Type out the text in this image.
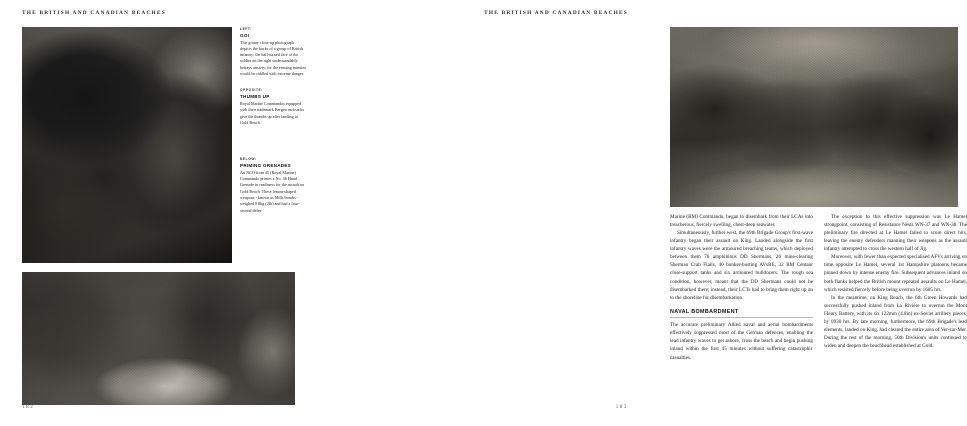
THE BRITISH AND CANADIAN BEACHES
LEFT:
GO!
This grainy close-up photograph depicts the backs of a group of British infantry; the half-turned face of the soldier on the right understandably betrays anxiety, for the ensuing minutes would be riddled with extreme danger.
OPPOSITE:
THUMBS UP
Royal Marine Commandos equipped with their trademark Bergen rucksacks give the thumbs up after landing at Gold Beach.
BELOW:
PRIMING GRENADES
An NCO from 45 (Royal Marine) Commando primes a No. 36 Hand Grenade in readiness for the assault on Gold Beach. These lemon-shaped weapons - known as Mills bombs - weighed 0.8kg (2lb) and had a four-second delay.
182
THE BRITISH AND CANADIAN BEACHES

Marine (RM) Commando, began to disembark from their LCAs into treacherous, fiercely swelling, chest-deep seawater.

Simultaneously, further west, the 69th Brigade Group's first-wave infantry began their assault on King. Landed alongside the first infantry waves were the armoured breaching teams, which deployed between them 76 amphibious DD Shermans, 26 mine-clearing Sherman Crab Flails, 40 bunker-busting AVsRE, 32 RM Centaur close-support tanks and six armoured bulldozers. The rough sea condition, however, meant that the DD Shermans could not be disembarked there; instead, their LCTs had to bring them right up on to the shoreline for disembarkation.

NAVAL BOMBARDMENT

The accurate preliminary Allied naval and aerial bombardments effectively suppressed most of the German defences, enabling the lead infantry waves to get ashore, cross the beach and begin pushing inland within the first 45 minutes without suffering catastrophic casualties.

The exception to this effective suppression was Le Hamel strongpoint, consisting of Resistance Nests WN-37 and WN-38. The preliminary fire directed at Le Hamel failed to score direct hits, leaving the enemy defenders manning their weapons as the assault infantry attempted to cross the western half of Jig.

Moreover, with fewer than expected specialised AFVs arriving on time opposite Le Hamel, several 1st Hampshire platoons became pinned down by intense enemy fire. Subsequent advances inland on both flanks helped the British mount repeated assaults on Le Hamel, which resisted fiercely before being overrun by 1605 hrs.

In the meantime, on King Beach, the 6th Green Howards had successfully pushed inland from La Rivière to overrun the Mont Fleury Battery, with its six 122mm (4.8in) ex-Soviet artillery pieces, by 0930 hrs. By late morning, furthermore, the 69th Brigade's lead elements, landed on King, had cleared the entire area of Ver-sur-Mer. During the rest of the morning, 50th Division's units continued to widen and deepen the beachhead established at Gold.

183
